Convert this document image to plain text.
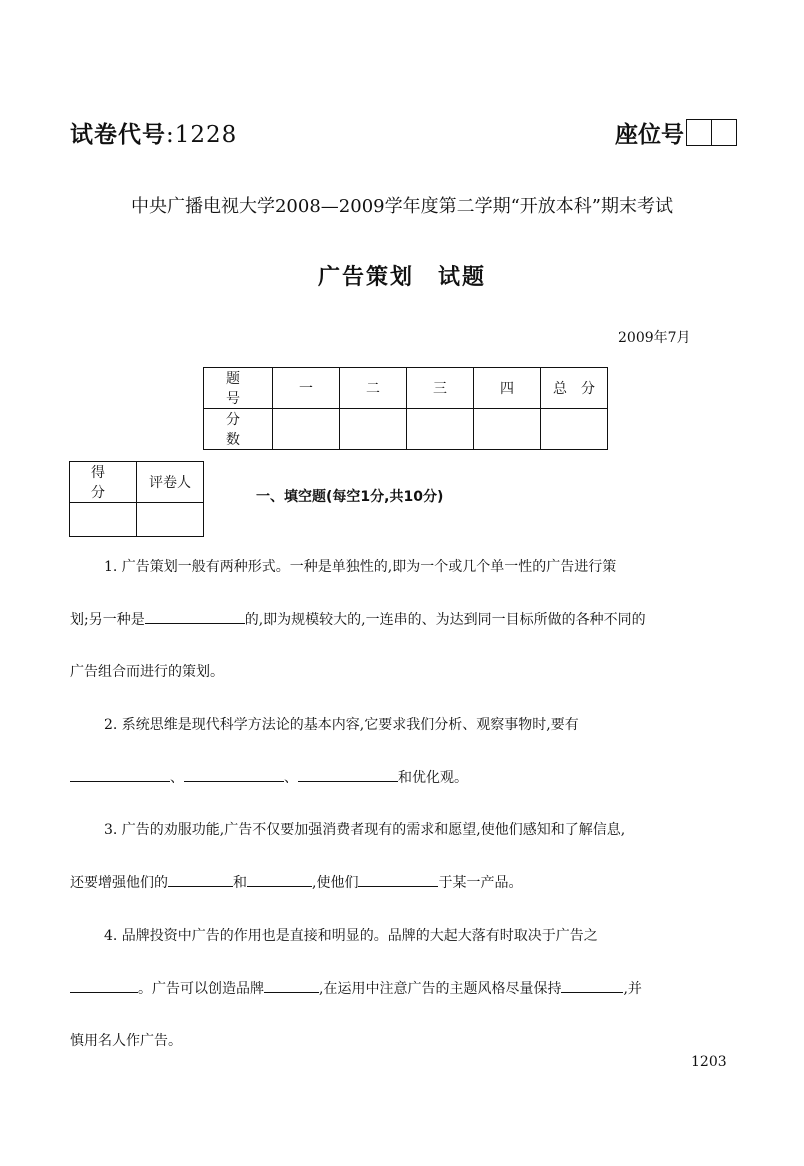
试卷代号:1228	座位号
中央广播电视大学2008—2009学年度第二学期“开放本科”期末考试
广告策划　试题
2009年7月
题　号	一	二	三	四	总　分
分　数					
得　分	评卷人

一、填空题(每空1分,共10分)
1. 广告策划一般有两种形式。一种是单独性的,即为一个或几个单一性的广告进行策
划;另一种是	的,即为规模较大的,一连串的、为达到同一目标所做的各种不同的
广告组合而进行的策划。
2. 系统思维是现代科学方法论的基本内容,它要求我们分析、观察事物时,要有
、	、	和优化观。
3. 广告的劝服功能,广告不仅要加强消费者现有的需求和愿望,使他们感知和了解信息,
还要增强他们的	和	,使他们	于某一产品。
4. 品牌投资中广告的作用也是直接和明显的。品牌的大起大落有时取决于广告之
。广告可以创造品牌	,在运用中注意广告的主题风格尽量保持	,并
慎用名人作广告。
1203
